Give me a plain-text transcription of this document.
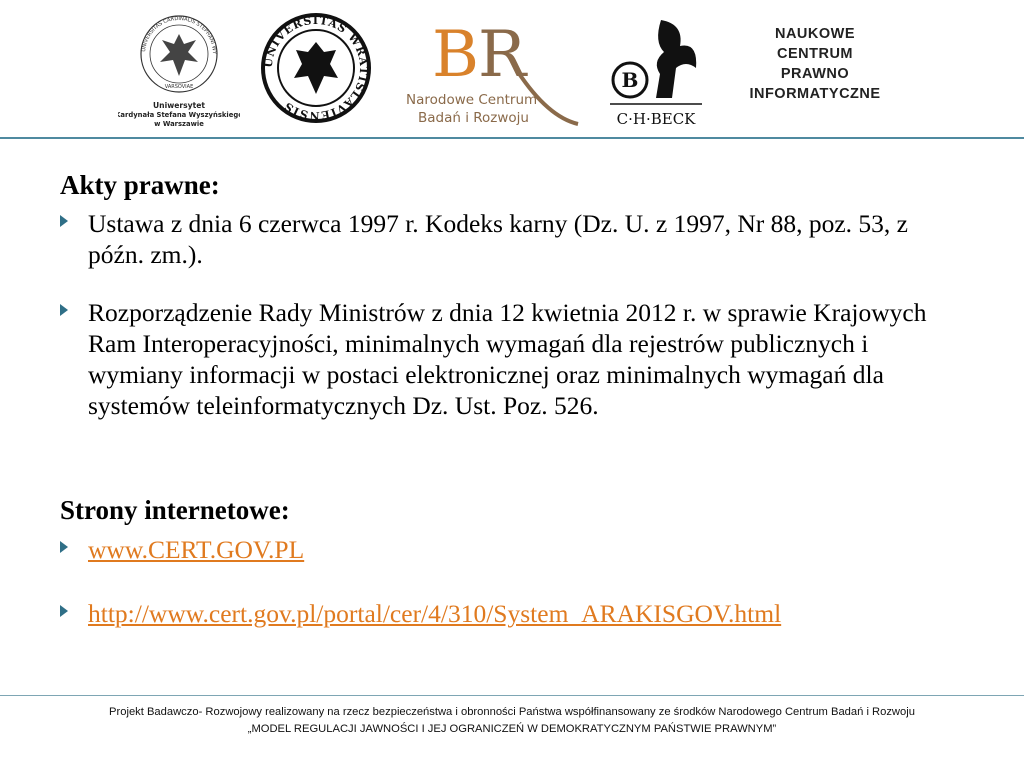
UNIVERSITAS CARDINALIS STEPHANI WY
VARSOVIAE
Uniwersytet
Kardynała Stefana Wyszyńskiego
w Warszawie
UNIVERSITAS WRATISLAVIENSIS
B
R
Narodowe Centrum
Badań i Rozwoju
B
C·H·BECK
NAUKOWE
CENTRUM
PRAWNO
INFORMATYCZNE
Akty prawne:
Ustawa z dnia 6 czerwca 1997 r. Kodeks karny (Dz. U. z 1997, Nr 88, poz. 53, z późn. zm.).
Rozporządzenie Rady Ministrów z dnia 12 kwietnia 2012 r. w sprawie Krajowych Ram Interoperacyjności, minimalnych wymagań dla rejestrów publicznych i wymiany informacji w postaci elektronicznej oraz minimalnych wymagań dla systemów teleinformatycznych Dz. Ust. Poz. 526.
Strony internetowe:
www.CERT.GOV.PL
http://www.cert.gov.pl/portal/cer/4/310/System_ARAKISGOV.html
Projekt Badawczo- Rozwojowy realizowany na rzecz bezpieczeństwa i obronności Państwa współfinansowany ze środków Narodowego Centrum Badań i Rozwoju
„MODEL REGULACJI JAWNOŚCI I JEJ OGRANICZEŃ W DEMOKRATYCZNYM PAŃSTWIE PRAWNYM”
